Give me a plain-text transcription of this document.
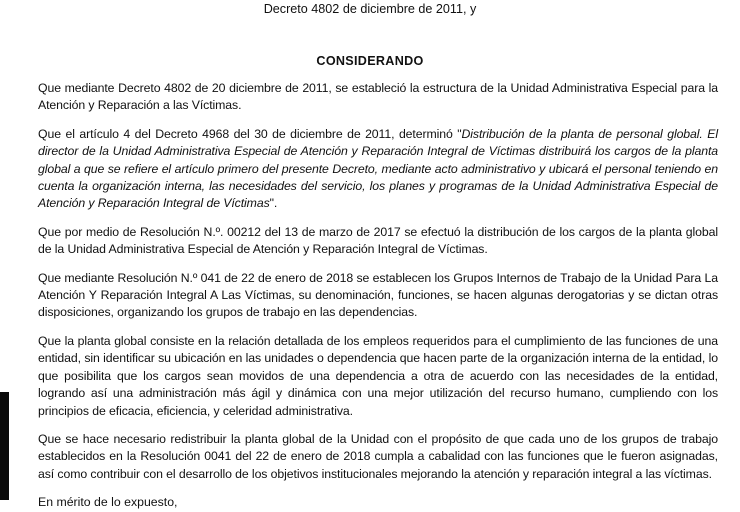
Decreto 4802 de diciembre de 2011, y
CONSIDERANDO

Que mediante Decreto 4802 de 20 diciembre de 2011, se estableció la estructura de la Unidad Administrativa Especial para la Atención y Reparación a las Víctimas.

Que el artículo 4 del Decreto 4968 del 30 de diciembre de 2011, determinó "Distribución de la planta de personal global. El director de la Unidad Administrativa Especial de Atención y Reparación Integral de Víctimas distribuirá los cargos de la planta global a que se refiere el artículo primero del presente Decreto, mediante acto administrativo y ubicará el personal teniendo en cuenta la organización interna, las necesidades del servicio, los planes y programas de la Unidad Administrativa Especial de Atención y Reparación Integral de Víctimas".

Que por medio de Resolución N.º. 00212 del 13 de marzo de 2017 se efectuó la distribución de los cargos de la planta global de la Unidad Administrativa Especial de Atención y Reparación Integral de Víctimas.

Que mediante Resolución N.º 041 de 22 de enero de 2018 se establecen los Grupos Internos de Trabajo de la Unidad Para La Atención Y Reparación Integral A Las Víctimas, su denominación, funciones, se hacen algunas derogatorias y se dictan otras disposiciones, organizando los grupos de trabajo en las dependencias.

Que la planta global consiste en la relación detallada de los empleos requeridos para el cumplimiento de las funciones de una entidad, sin identificar su ubicación en las unidades o dependencia que hacen parte de la organización interna de la entidad, lo que posibilita que los cargos sean movidos de una dependencia a otra de acuerdo con las necesidades de la entidad, logrando así una administración más ágil y dinámica con una mejor utilización del recurso humano, cumpliendo con los principios de eficacia, eficiencia, y celeridad administrativa.

Que se hace necesario redistribuir la planta global de la Unidad con el propósito de que cada uno de los grupos de trabajo establecidos en la Resolución 0041 del 22 de enero de 2018 cumpla a cabalidad con las funciones que le fueron asignadas, así como contribuir con el desarrollo de los objetivos institucionales mejorando la atención y reparación integral a las víctimas.

En mérito de lo expuesto,
